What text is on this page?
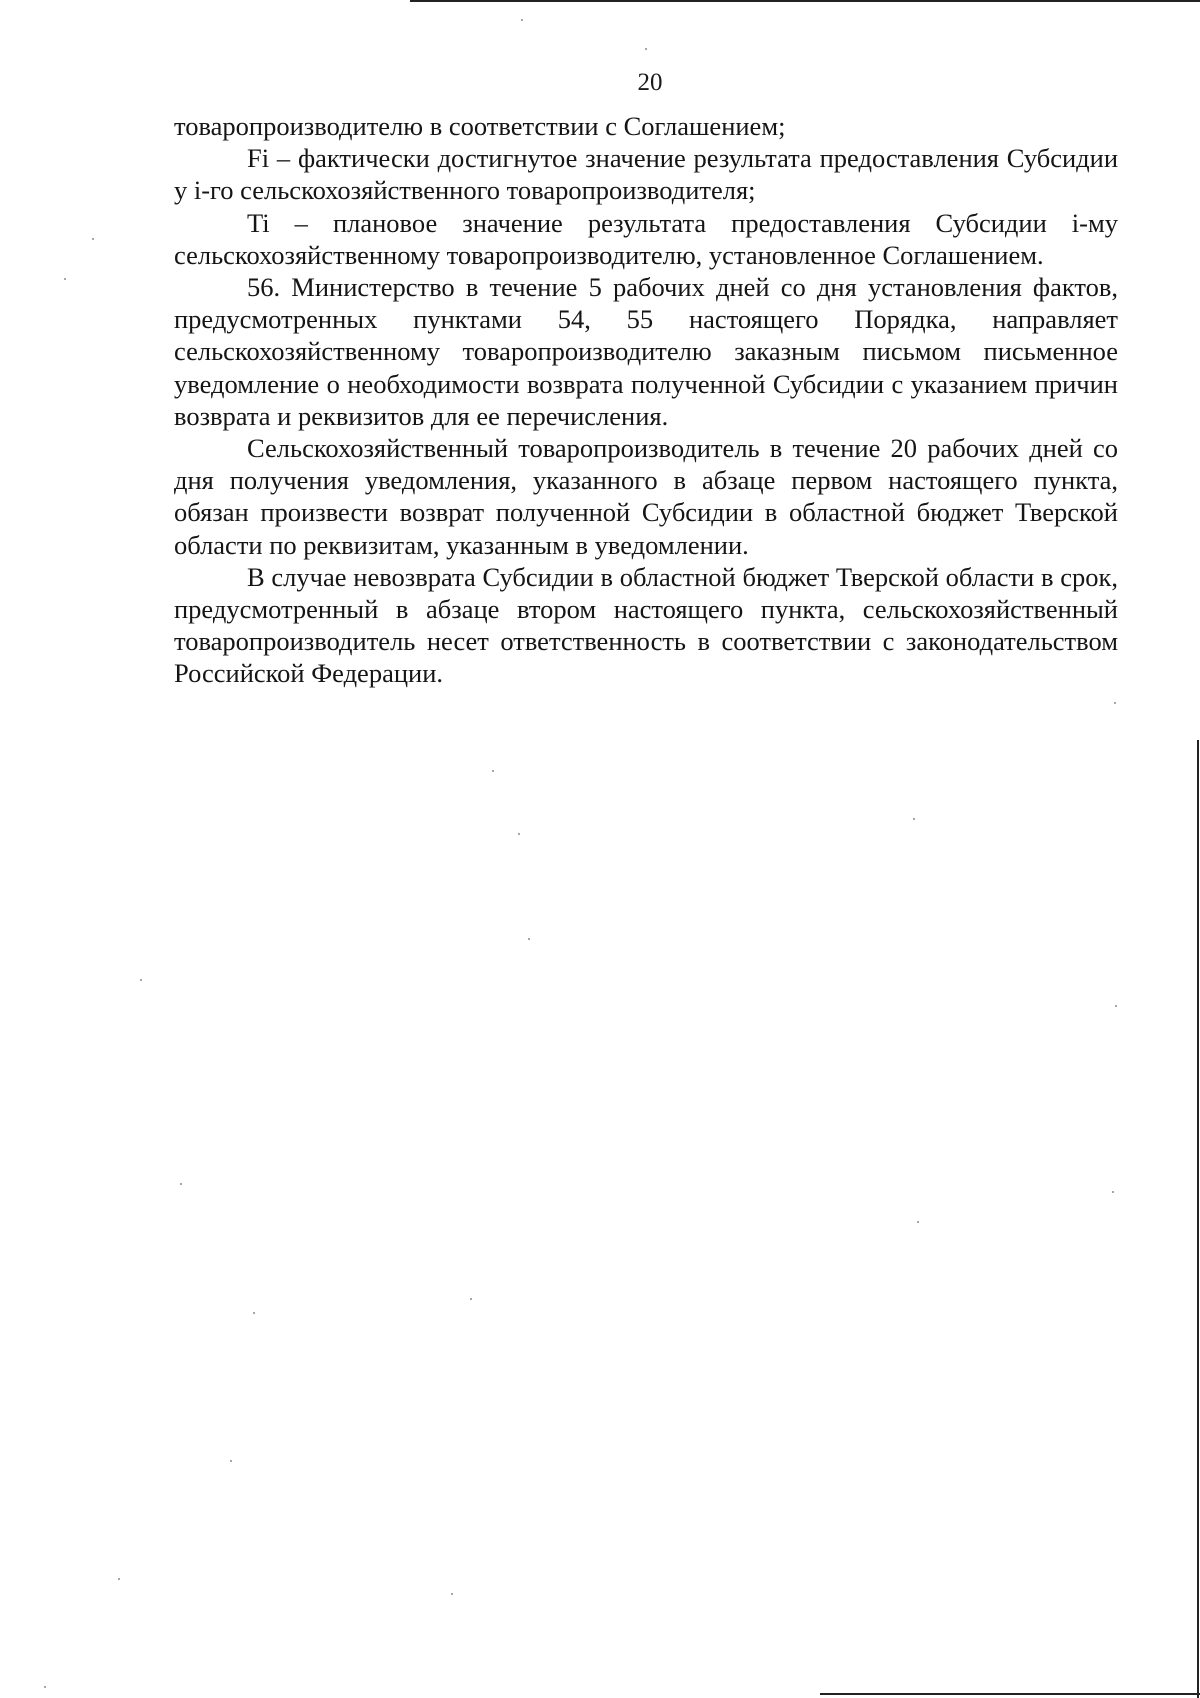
20

товаропроизводителю в соответствии с Соглашением;

Fi – фактически достигнутое значение результата предоставления Субсидии у i-го сельскохозяйственного товаропроизводителя;

Ti – плановое значение результата предоставления Субсидии i-му сельскохозяйственному товаропроизводителю, установленное Соглашением.

56. Министерство в течение 5 рабочих дней со дня установления фактов, предусмотренных пунктами 54, 55 настоящего Порядка, направляет сельскохозяйственному товаропроизводителю заказным письмом письменное уведомление о необходимости возврата полученной Субсидии с указанием причин возврата и реквизитов для ее перечисления.

Сельскохозяйственный товаропроизводитель в течение 20 рабочих дней со дня получения уведомления, указанного в абзаце первом настоящего пункта, обязан произвести возврат полученной Субсидии в областной бюджет Тверской области по реквизитам, указанным в уведомлении.

В случае невозврата Субсидии в областной бюджет Тверской области в срок, предусмотренный в абзаце втором настоящего пункта, сельскохозяйственный товаропроизводитель несет ответственность в соответствии с законодательством Российской Федерации.
